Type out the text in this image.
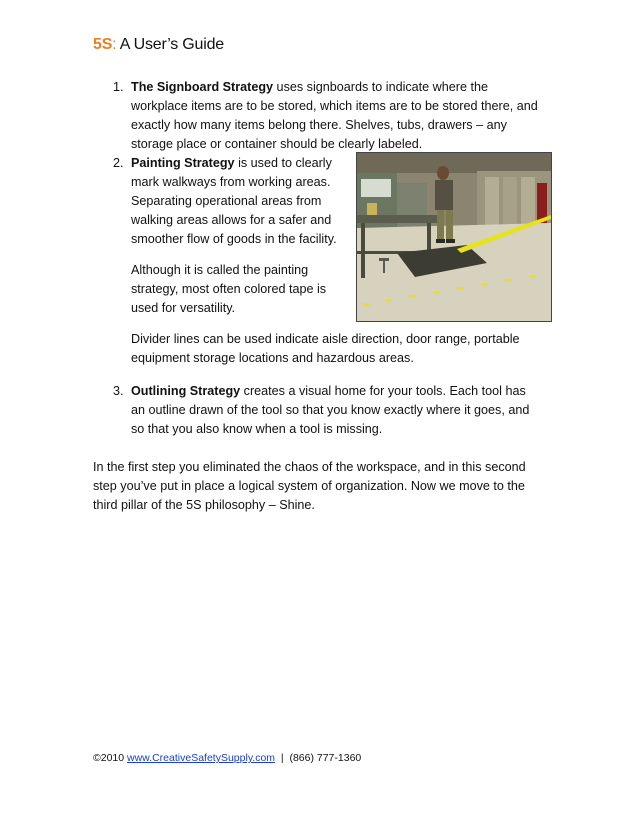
5S: A User’s Guide
1. The Signboard Strategy uses signboards to indicate where the workplace items are to be stored, which items are to be stored there, and exactly how many items belong there. Shelves, tubs, drawers – any storage place or container should be clearly labeled.

2. Painting Strategy is used to clearly mark walkways from working areas. Separating operational areas from walking areas allows for a safer and smoother flow of goods in the facility.

Although it is called the painting strategy, most often colored tape is used for versatility.

Divider lines can be used indicate aisle direction, door range, portable equipment storage locations and hazardous areas.

3. Outlining Strategy creates a visual home for your tools. Each tool has an outline drawn of the tool so that you know exactly where it goes, and so that you also know when a tool is missing.

In the first step you eliminated the chaos of the workspace, and in this second step you’ve put in place a logical system of organization. Now we move to the third pillar of the 5S philosophy – Shine.

©2010 www.CreativeSafetySupply.com  |  (866) 777-1360
